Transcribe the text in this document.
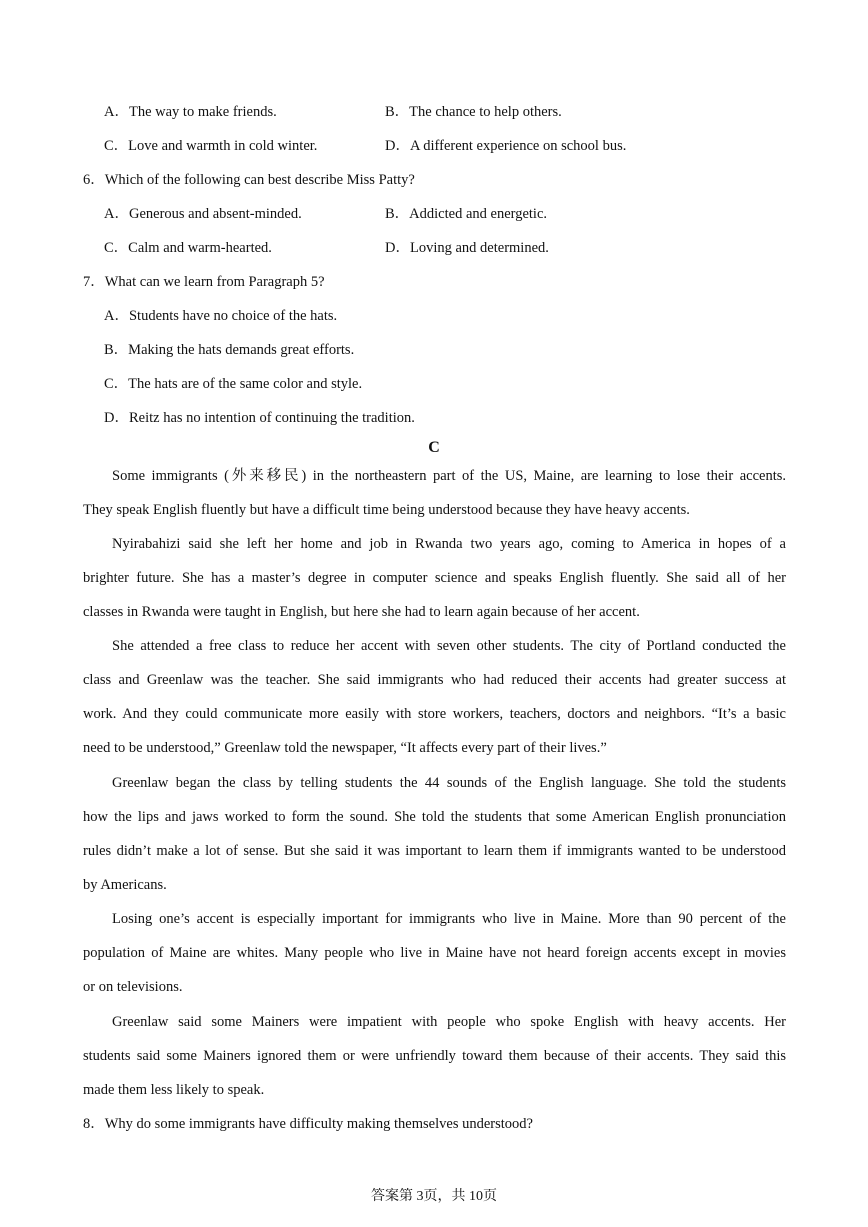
A．The way to make friends.	B．The chance to help others.
C．Love and warmth in cold winter.	D．A different experience on school bus.
6．Which of the following can best describe Miss Patty?
A．Generous and absent-minded.	B．Addicted and energetic.
C．Calm and warm-hearted.	D．Loving and determined.
7．What can we learn from Paragraph 5?
A．Students have no choice of the hats.
B．Making the hats demands great efforts.
C．The hats are of the same color and style.
D．Reitz has no intention of continuing the tradition.
C
Some immigrants (外来移民) in the northeastern part of the US, Maine, are learning to lose their accents.
They speak English fluently but have a difficult time being understood because they have heavy accents.
Nyirabahizi said she left her home and job in Rwanda two years ago, coming to America in hopes of a
brighter future. She has a master’s degree in computer science and speaks English fluently. She said all of her
classes in Rwanda were taught in English, but here she had to learn again because of her accent.
She attended a free class to reduce her accent with seven other students. The city of Portland conducted the
class and Greenlaw was the teacher. She said immigrants who had reduced their accents had greater success at
work. And they could communicate more easily with store workers, teachers, doctors and neighbors. “It’s a basic
need to be understood,” Greenlaw told the newspaper, “It affects every part of their lives.”
Greenlaw began the class by telling students the 44 sounds of the English language. She told the students
how the lips and jaws worked to form the sound. She told the students that some American English pronunciation
rules didn’t make a lot of sense. But she said it was important to learn them if immigrants wanted to be understood
by Americans.
Losing one’s accent is especially important for immigrants who live in Maine. More than 90 percent of the
population of Maine are whites. Many people who live in Maine have not heard foreign accents except in movies
or on televisions.
Greenlaw said some Mainers were impatient with people who spoke English with heavy accents. Her
students said some Mainers ignored them or were unfriendly toward them because of their accents. They said this
made them less likely to speak.
8．Why do some immigrants have difficulty making themselves understood?
答案第 3页，共 10页
